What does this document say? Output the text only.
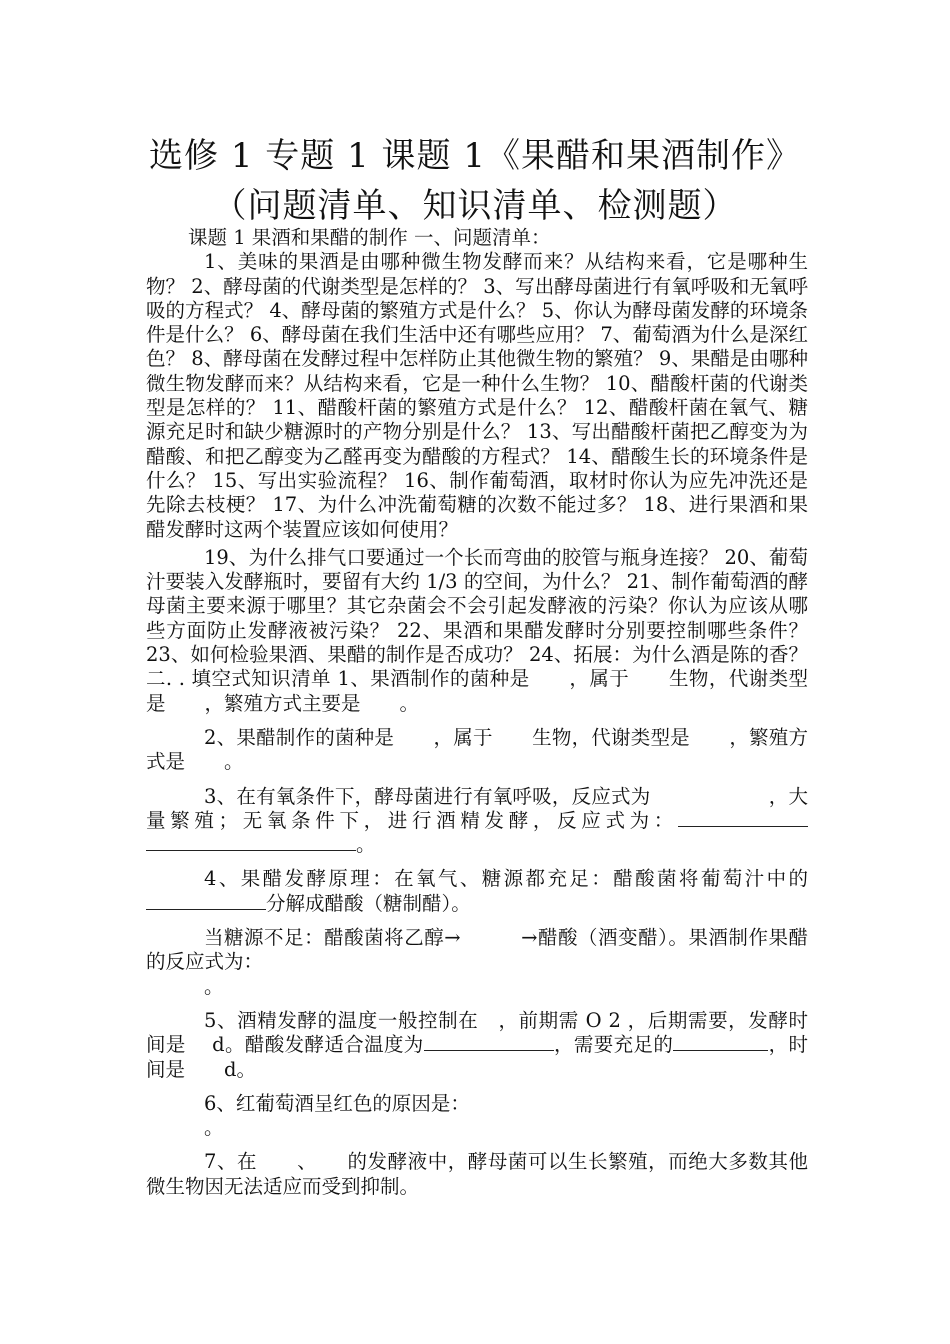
选修 1 专题 1 课题 1《果醋和果酒制作》
（问题清单、知识清单、检测题）

课题 1 果酒和果醋的制作 一、问题清单：

1、美味的果酒是由哪种微生物发酵而来？从结构来看，它是哪种生物？ 2、酵母菌的代谢类型是怎样的？ 3、写出酵母菌进行有氧呼吸和无氧呼吸的方程式？ 4、酵母菌的繁殖方式是什么？ 5、你认为酵母菌发酵的环境条件是什么？ 6、酵母菌在我们生活中还有哪些应用？ 7、葡萄酒为什么是深红色？ 8、酵母菌在发酵过程中怎样防止其他微生物的繁殖？ 9、果醋是由哪种微生物发酵而来？从结构来看，它是一种什么生物？ 10、醋酸杆菌的代谢类型是怎样的？ 11、醋酸杆菌的繁殖方式是什么？ 12、醋酸杆菌在氧气、糖源充足时和缺少糖源时的产物分别是什么？ 13、写出醋酸杆菌把乙醇变为为醋酸、和把乙醇变为乙醛再变为醋酸的方程式？ 14、醋酸生长的环境条件是什么？ 15、写出实验流程？ 16、制作葡萄酒，取材时你认为应先冲洗还是先除去枝梗？ 17、为什么冲洗葡萄糖的次数不能过多？ 18、进行果酒和果醋发酵时这两个装置应该如何使用？

19、为什么排气口要通过一个长而弯曲的胶管与瓶身连接？ 20、葡萄汁要装入发酵瓶时，要留有大约 1/3 的空间，为什么？ 21、制作葡萄酒的酵母菌主要来源于哪里？其它杂菌会不会引起发酵液的污染？你认为应该从哪些方面防止发酵液被污染？ 22、果酒和果醋发酵时分别要控制哪些条件？ 23、如何检验果酒、果醋的制作是否成功？ 24、拓展：为什么酒是陈的香？ 二. . 填空式知识清单 1、果酒制作的菌种是　　，属于　　生物，代谢类型是　　，繁殖方式主要是　　。

2、果醋制作的菌种是　　，属于　　生物，代谢类型是　　，繁殖方式是　　。

3、在有氧条件下，酵母菌进行有氧呼吸，反应式为　　　　　　，大量繁殖；无氧条件下，进行酒精发酵，反应式为：。

4、果醋发酵原理：在氧气、糖源都充足：醋酸菌将葡萄汁中的分解成醋酸（糖制醋）。

当糖源不足：醋酸菌将乙醇→　　　→醋酸（酒变醋）。果酒制作果醋的反应式为：
。

5、酒精发酵的温度一般控制在　，前期需 O 2 ，后期需要，发酵时间是　 d。醋酸发酵适合温度为	，需要充足的	，时间是　　d。

6、红葡萄酒呈红色的原因是：
。

7、在　　、　　的发酵液中，酵母菌可以生长繁殖，而绝大多数其他微生物因无法适应而受到抑制。
